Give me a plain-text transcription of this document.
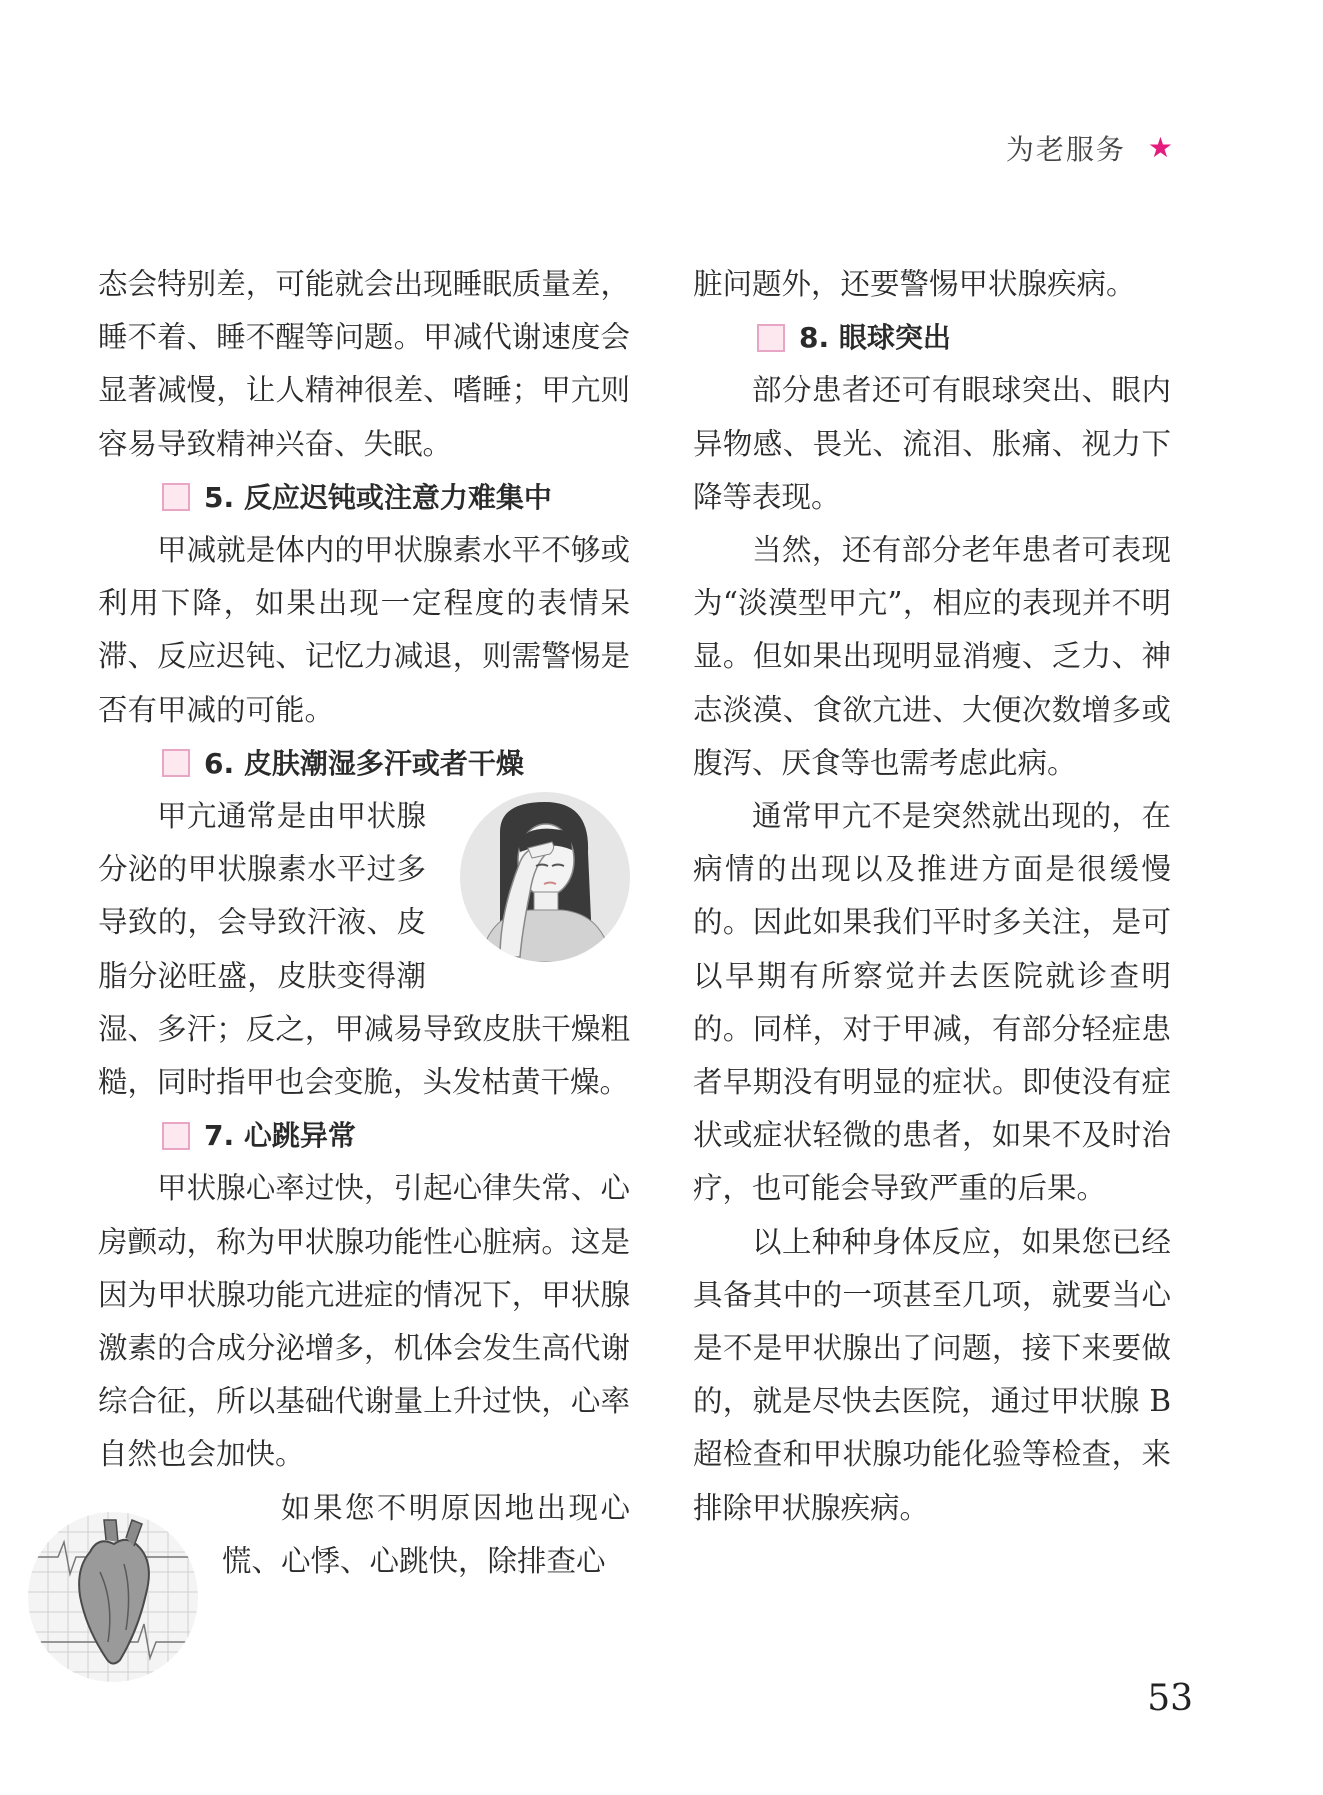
为老服务 ★

态会特别差，可能就会出现睡眠质量差，睡不着、睡不醒等问题。甲减代谢速度会显著减慢，让人精神很差、嗜睡；甲亢则容易导致精神兴奋、失眠。

5. 反应迟钝或注意力难集中

甲减就是体内的甲状腺素水平不够或利用下降，如果出现一定程度的表情呆滞、反应迟钝、记忆力减退，则需警惕是否有甲减的可能。

6. 皮肤潮湿多汗或者干燥

甲亢通常是由甲状腺分泌的甲状腺素水平过多导致的，会导致汗液、皮脂分泌旺盛，皮肤变得潮湿、多汗；反之，甲减易导致皮肤干燥粗糙，同时指甲也会变脆，头发枯黄干燥。

7. 心跳异常

甲状腺心率过快，引起心律失常、心房颤动，称为甲状腺功能性心脏病。这是因为甲状腺功能亢进症的情况下，甲状腺激素的合成分泌增多，机体会发生高代谢综合征，所以基础代谢量上升过快，心率自然也会加快。

如果您不明原因地出现心慌、心悸、心跳快，除排查心

脏问题外，还要警惕甲状腺疾病。

8. 眼球突出

部分患者还可有眼球突出、眼内异物感、畏光、流泪、胀痛、视力下降等表现。

当然，还有部分老年患者可表现为“淡漠型甲亢”，相应的表现并不明显。但如果出现明显消瘦、乏力、神志淡漠、食欲亢进、大便次数增多或腹泻、厌食等也需考虑此病。

通常甲亢不是突然就出现的，在病情的出现以及推进方面是很缓慢的。因此如果我们平时多关注，是可以早期有所察觉并去医院就诊查明的。同样，对于甲减，有部分轻症患者早期没有明显的症状。即使没有症状或症状轻微的患者，如果不及时治疗，也可能会导致严重的后果。

以上种种身体反应，如果您已经具备其中的一项甚至几项，就要当心是不是甲状腺出了问题，接下来要做的，就是尽快去医院，通过甲状腺 B 超检查和甲状腺功能化验等检查，来排除甲状腺疾病。

53
